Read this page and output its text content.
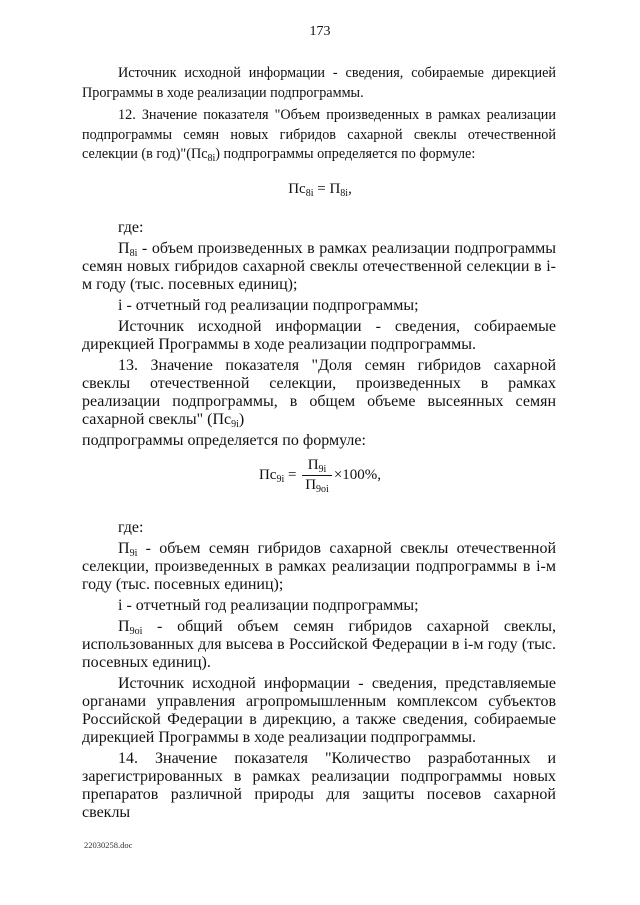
173

Источник исходной информации - сведения, собираемые дирекцией Программы в ходе реализации подпрограммы.

12. Значение показателя "Объем произведенных в рамках реализации подпрограммы семян новых гибридов сахарной свеклы отечественной селекции (в $год)"(Пс_{8i})$ подпрограммы определяется по формуле:

$Пс_{8i} = П_{8i}$,

где:

$П_{8i}$ - объем произведенных в рамках реализации подпрограммы семян новых гибридов сахарной свеклы отечественной селекции в i-м году (тыс. посевных единиц);

i - отчетный год реализации подпрограммы;

Источник исходной информации - сведения, собираемые дирекцией Программы в ходе реализации подпрограммы.

13. Значение показателя "Доля семян гибридов сахарной свеклы отечественной селекции, произведенных в рамках реализации подпрограммы, в общем объеме высеянных семян сахарной свеклы" $(Пс_{9i})$

подпрограммы определяется по формуле:

$Пс_{9i} = \frac{П_{9i}}{П_{9oi}} \times 100\%$,

где:

$П_{9i}$ - объем семян гибридов сахарной свеклы отечественной селекции, произведенных в рамках реализации подпрограммы в i-м году (тыс. посевных единиц);

i - отчетный год реализации подпрограммы;

$П_{9oi}$ - общий объем семян гибридов сахарной свеклы, использованных для высева в Российской Федерации в i-м году (тыс. посевных единиц).

Источник исходной информации - сведения, представляемые органами управления агропромышленным комплексом субъектов Российской Федерации в дирекцию, а также сведения, собираемые дирекцией Программы в ходе реализации подпрограммы.

14. Значение показателя "Количество разработанных и зарегистрированных в рамках реализации подпрограммы новых препаратов различной природы для защиты посевов сахарной свеклы

22030258.doc
